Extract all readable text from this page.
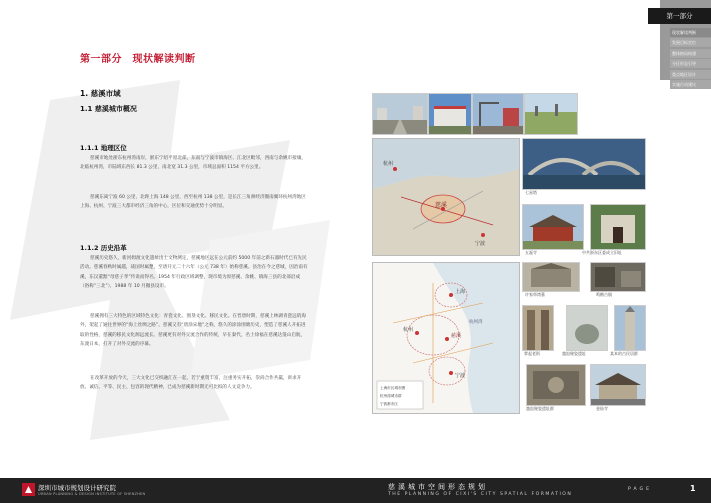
第一部分
现状解读判断
发展目标定位
整体格局构建
分区形态引导
重点地区设计
实施行动建议
第一部分　现状解读判断
1. 慈溪市域
1.1 慈溪城市概况
1.1.1 地理区位
慈溪市地处浙东杭州湾南岸，浙东宁绍平原北部，东南与宁波市镇海区、江北区毗邻，西南与余姚市接壤，北临杭州湾，市陆域东西长 81.3 公里，南北宽 31.3 公里，市域总面积 1154 平方公里。
慈溪东离宁波 60 公里，北距上海 148 公里，西至杭州 138 公里，是长江三角洲经济圈南翼环杭州湾地区上海、杭州、宁波三大都市经济三角的中心，区位和交通优势十分明显。
1.1.2 历史沿革
慈溪历史悠久，新河姆渡文化遗址出土文物测定，慈溪地区远在公元前约 5000 年前之新石器时代已有先民活动。慈溪春秋时属越，战国时属楚，至唐开元二十六年（公元 738 年）始称慈溪。县治在今之慈城，因治南有溪，东汉董黯“母慈子孝”传说而得名。1954 年行政区域调整，现市境为原慈溪、余姚、镇海三县的北部沿成（俗称“三北”），1988 年 10 月撤县设市。
慈溪拥有三大特色的区域特色文化：青瓷文化、围垦文化、移民文化。在晋唐时期，慈溪上林湖青瓷远销海外，架起了通往世界的“海上丝绸之路”。慈溪又有“唐涂宋地”之称，悠久的涂涂围塘历史，塑造了慈溪人开拓进取的性格，慈溪的移民文化源远流长。慈溪更有对外交流合作的传统，早在秦代，名士徐福在慈溪达蓬山启航，东渡日本，打开了对外交流的序幕。
在改革开放的今天，三大文化已交织融汇在一起，若于重资丰富，注重务实开拓，崇尚合作共赢，讲求开放、诚信、平等、民主、包容的现代精神，已成为慈溪新时期无可比拟的人文竞争力。
慈溪
杭州
宁波
上海
杭州
慈溪
宁波
杭州湾
上海市区城市圈
杭州湾城市群
宁波都市区
七星塔
五磊寺	中共浙东区委成立旧址
许家草湾墓	鸣鹤古镇
掌起老街	越窑秘瓷遗址	某本的古民居群
越窑秘瓷遗址群	金仙寺
深圳市城市规划设计研究院
URBAN PLANNING & DESIGN INSTITUTE OF SHENZHEN
慈溪城市空间形态规划
THE PLANNING OF CIXI'S CITY SPATIAL FORMATION
PAGE	1
